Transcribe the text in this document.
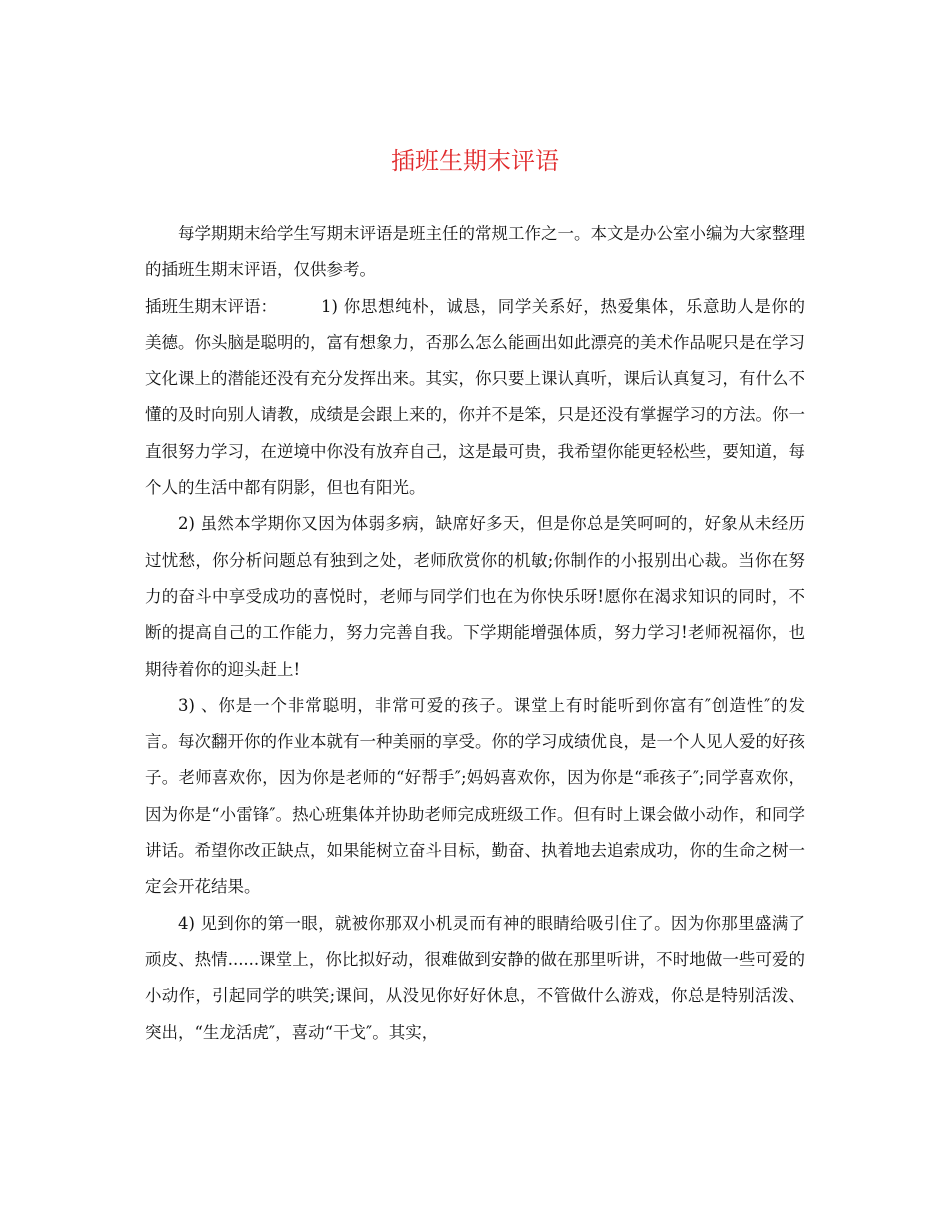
插班生期末评语

每学期期末给学生写期末评语是班主任的常规工作之一。本文是办公室小编为大家整理的插班生期末评语，仅供参考。

插班生期末评语：	1) 你思想纯朴，诚恳，同学关系好，热爱集体，乐意助人是你的美德。你头脑是聪明的，富有想象力，否那么怎么能画出如此漂亮的美术作品呢只是在学习文化课上的潜能还没有充分发挥出来。其实，你只要上课认真听，课后认真复习，有什么不懂的及时向别人请教，成绩是会跟上来的，你并不是笨，只是还没有掌握学习的方法。你一直很努力学习，在逆境中你没有放弃自己，这是最可贵，我希望你能更轻松些，要知道，每个人的生活中都有阴影，但也有阳光。

2) 虽然本学期你又因为体弱多病，缺席好多天，但是你总是笑呵呵的，好象从未经历过忧愁，你分析问题总有独到之处，老师欣赏你的机敏;你制作的小报别出心裁。当你在努力的奋斗中享受成功的喜悦时，老师与同学们也在为你快乐呀!愿你在渴求知识的同时，不断的提高自己的工作能力，努力完善自我。下学期能增强体质，努力学习!老师祝福你，也期待着你的迎头赶上!

3) 、你是一个非常聪明，非常可爱的孩子。课堂上有时能听到你富有″创造性″的发言。每次翻开你的作业本就有一种美丽的享受。你的学习成绩优良，是一个人见人爱的好孩子。老师喜欢你，因为你是老师的“好帮手″;妈妈喜欢你，因为你是“乖孩子″;同学喜欢你，因为你是“小雷锋″。热心班集体并协助老师完成班级工作。但有时上课会做小动作，和同学讲话。希望你改正缺点，如果能树立奋斗目标，勤奋、执着地去追索成功，你的生命之树一定会开花结果。

4) 见到你的第一眼，就被你那双小机灵而有神的眼睛给吸引住了。因为你那里盛满了顽皮、热情......课堂上，你比拟好动，很难做到安静的做在那里听讲，不时地做一些可爱的小动作，引起同学的哄笑;课间，从没见你好好休息，不管做什么游戏，你总是特别活泼、突出，“生龙活虎″，喜动“干戈″。其实，
